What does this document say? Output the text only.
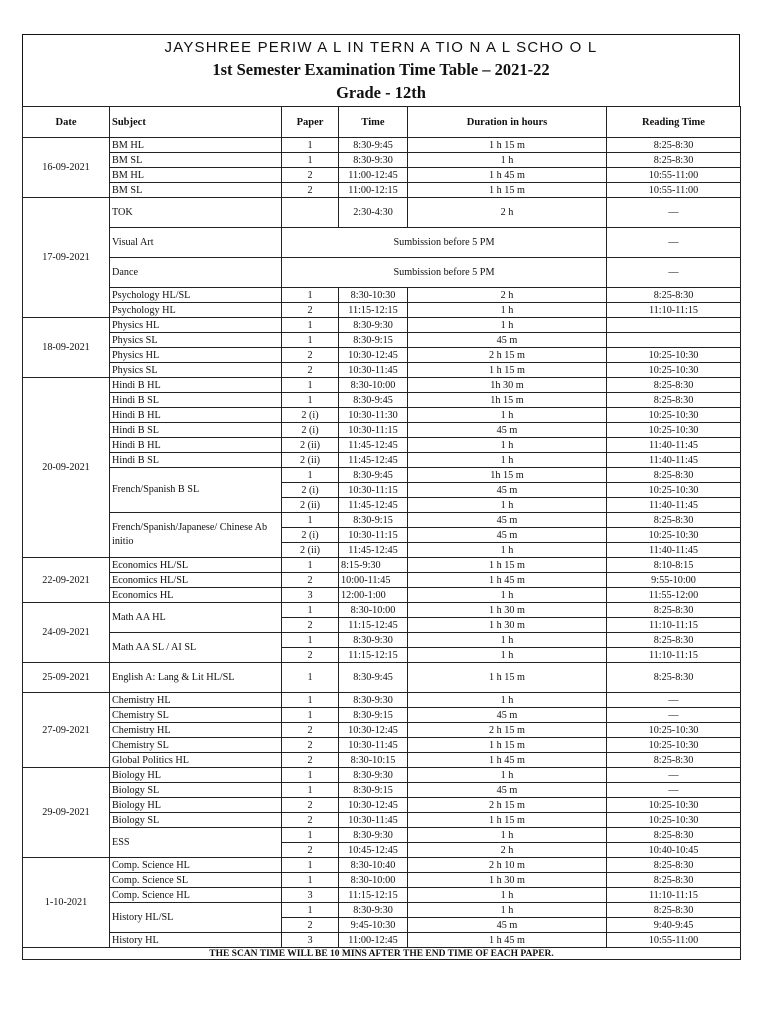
JAYSHREE PERIW A L IN TERN A TIO N A L SCHO O L
1st Semester Examination Time Table – 2021-22
Grade - 12th
Date	Subject	Paper	Time	Duration in hours	Reading Time
16-09-2021	BM HL	1	8:30-9:45	1 h 15 m	8:25-8:30
	BM SL	1	8:30-9:30	1 h	8:25-8:30
	BM HL	2	11:00-12:45	1 h 45 m	10:55-11:00
	BM SL	2	11:00-12:15	1 h 15 m	10:55-11:00
17-09-2021	TOK		2:30-4:30	2 h	—
	Visual Art	Sumbission before 5 PM			—
	Dance	Sumbission before 5 PM			—
	Psychology HL/SL	1	8:30-10:30	2 h	8:25-8:30
	Psychology HL	2	11:15-12:15	1 h	11:10-11:15
18-09-2021	Physics HL	1	8:30-9:30	1 h	
	Physics SL	1	8:30-9:15	45 m	
	Physics HL	2	10:30-12:45	2 h 15 m	10:25-10:30
	Physics SL	2	10:30-11:45	1 h 15 m	10:25-10:30
20-09-2021	Hindi B HL	1	8:30-10:00	1h 30 m	8:25-8:30
	Hindi B SL	1	8:30-9:45	1h 15 m	8:25-8:30
	Hindi B HL	2 (i)	10:30-11:30	1 h	10:25-10:30
	Hindi B SL	2 (i)	10:30-11:15	45 m	10:25-10:30
	Hindi B HL	2 (ii)	11:45-12:45	1 h	11:40-11:45
	Hindi B SL	2 (ii)	11:45-12:45	1 h	11:40-11:45
	French/Spanish B SL	1	8:30-9:45	1h 15 m	8:25-8:30
		2 (i)	10:30-11:15	45 m	10:25-10:30
		2 (ii)	11:45-12:45	1 h	11:40-11:45
	French/Spanish/Japanese/ Chinese Ab initio	1	8:30-9:15	45 m	8:25-8:30
		2 (i)	10:30-11:15	45 m	10:25-10:30
		2 (ii)	11:45-12:45	1 h	11:40-11:45
22-09-2021	Economics HL/SL	1	8:15-9:30	1 h 15 m	8:10-8:15
	Economics HL/SL	2	10:00-11:45	1 h 45 m	9:55-10:00
	Economics HL	3	12:00-1:00	1 h	11:55-12:00
24-09-2021	Math AA HL	1	8:30-10:00	1 h 30 m	8:25-8:30
		2	11:15-12:45	1 h 30 m	11:10-11:15
	Math AA SL / AI SL	1	8:30-9:30	1 h	8:25-8:30
		2	11:15-12:15	1 h	11:10-11:15
25-09-2021	English A: Lang & Lit HL/SL	1	8:30-9:45	1 h 15 m	8:25-8:30
27-09-2021	Chemistry HL	1	8:30-9:30	1 h	—
	Chemistry SL	1	8:30-9:15	45 m	—
	Chemistry HL	2	10:30-12:45	2 h 15 m	10:25-10:30
	Chemistry SL	2	10:30-11:45	1 h 15 m	10:25-10:30
	Global Politics HL	2	8:30-10:15	1 h 45 m	8:25-8:30
29-09-2021	Biology HL	1	8:30-9:30	1 h	—
	Biology SL	1	8:30-9:15	45 m	—
	Biology HL	2	10:30-12:45	2 h 15 m	10:25-10:30
	Biology SL	2	10:30-11:45	1 h 15 m	10:25-10:30
	ESS	1	8:30-9:30	1 h	8:25-8:30
		2	10:45-12:45	2 h	10:40-10:45
1-10-2021	Comp. Science HL	1	8:30-10:40	2 h 10 m	8:25-8:30
	Comp. Science SL	1	8:30-10:00	1 h 30 m	8:25-8:30
	Comp. Science HL	3	11:15-12:15	1 h	11:10-11:15
	History HL/SL	1	8:30-9:30	1 h	8:25-8:30
		2	9:45-10:30	45 m	9:40-9:45
	History HL	3	11:00-12:45	1 h 45 m	10:55-11:00
THE SCAN TIME WILL BE 10 MINS AFTER THE END TIME OF EACH PAPER.					
